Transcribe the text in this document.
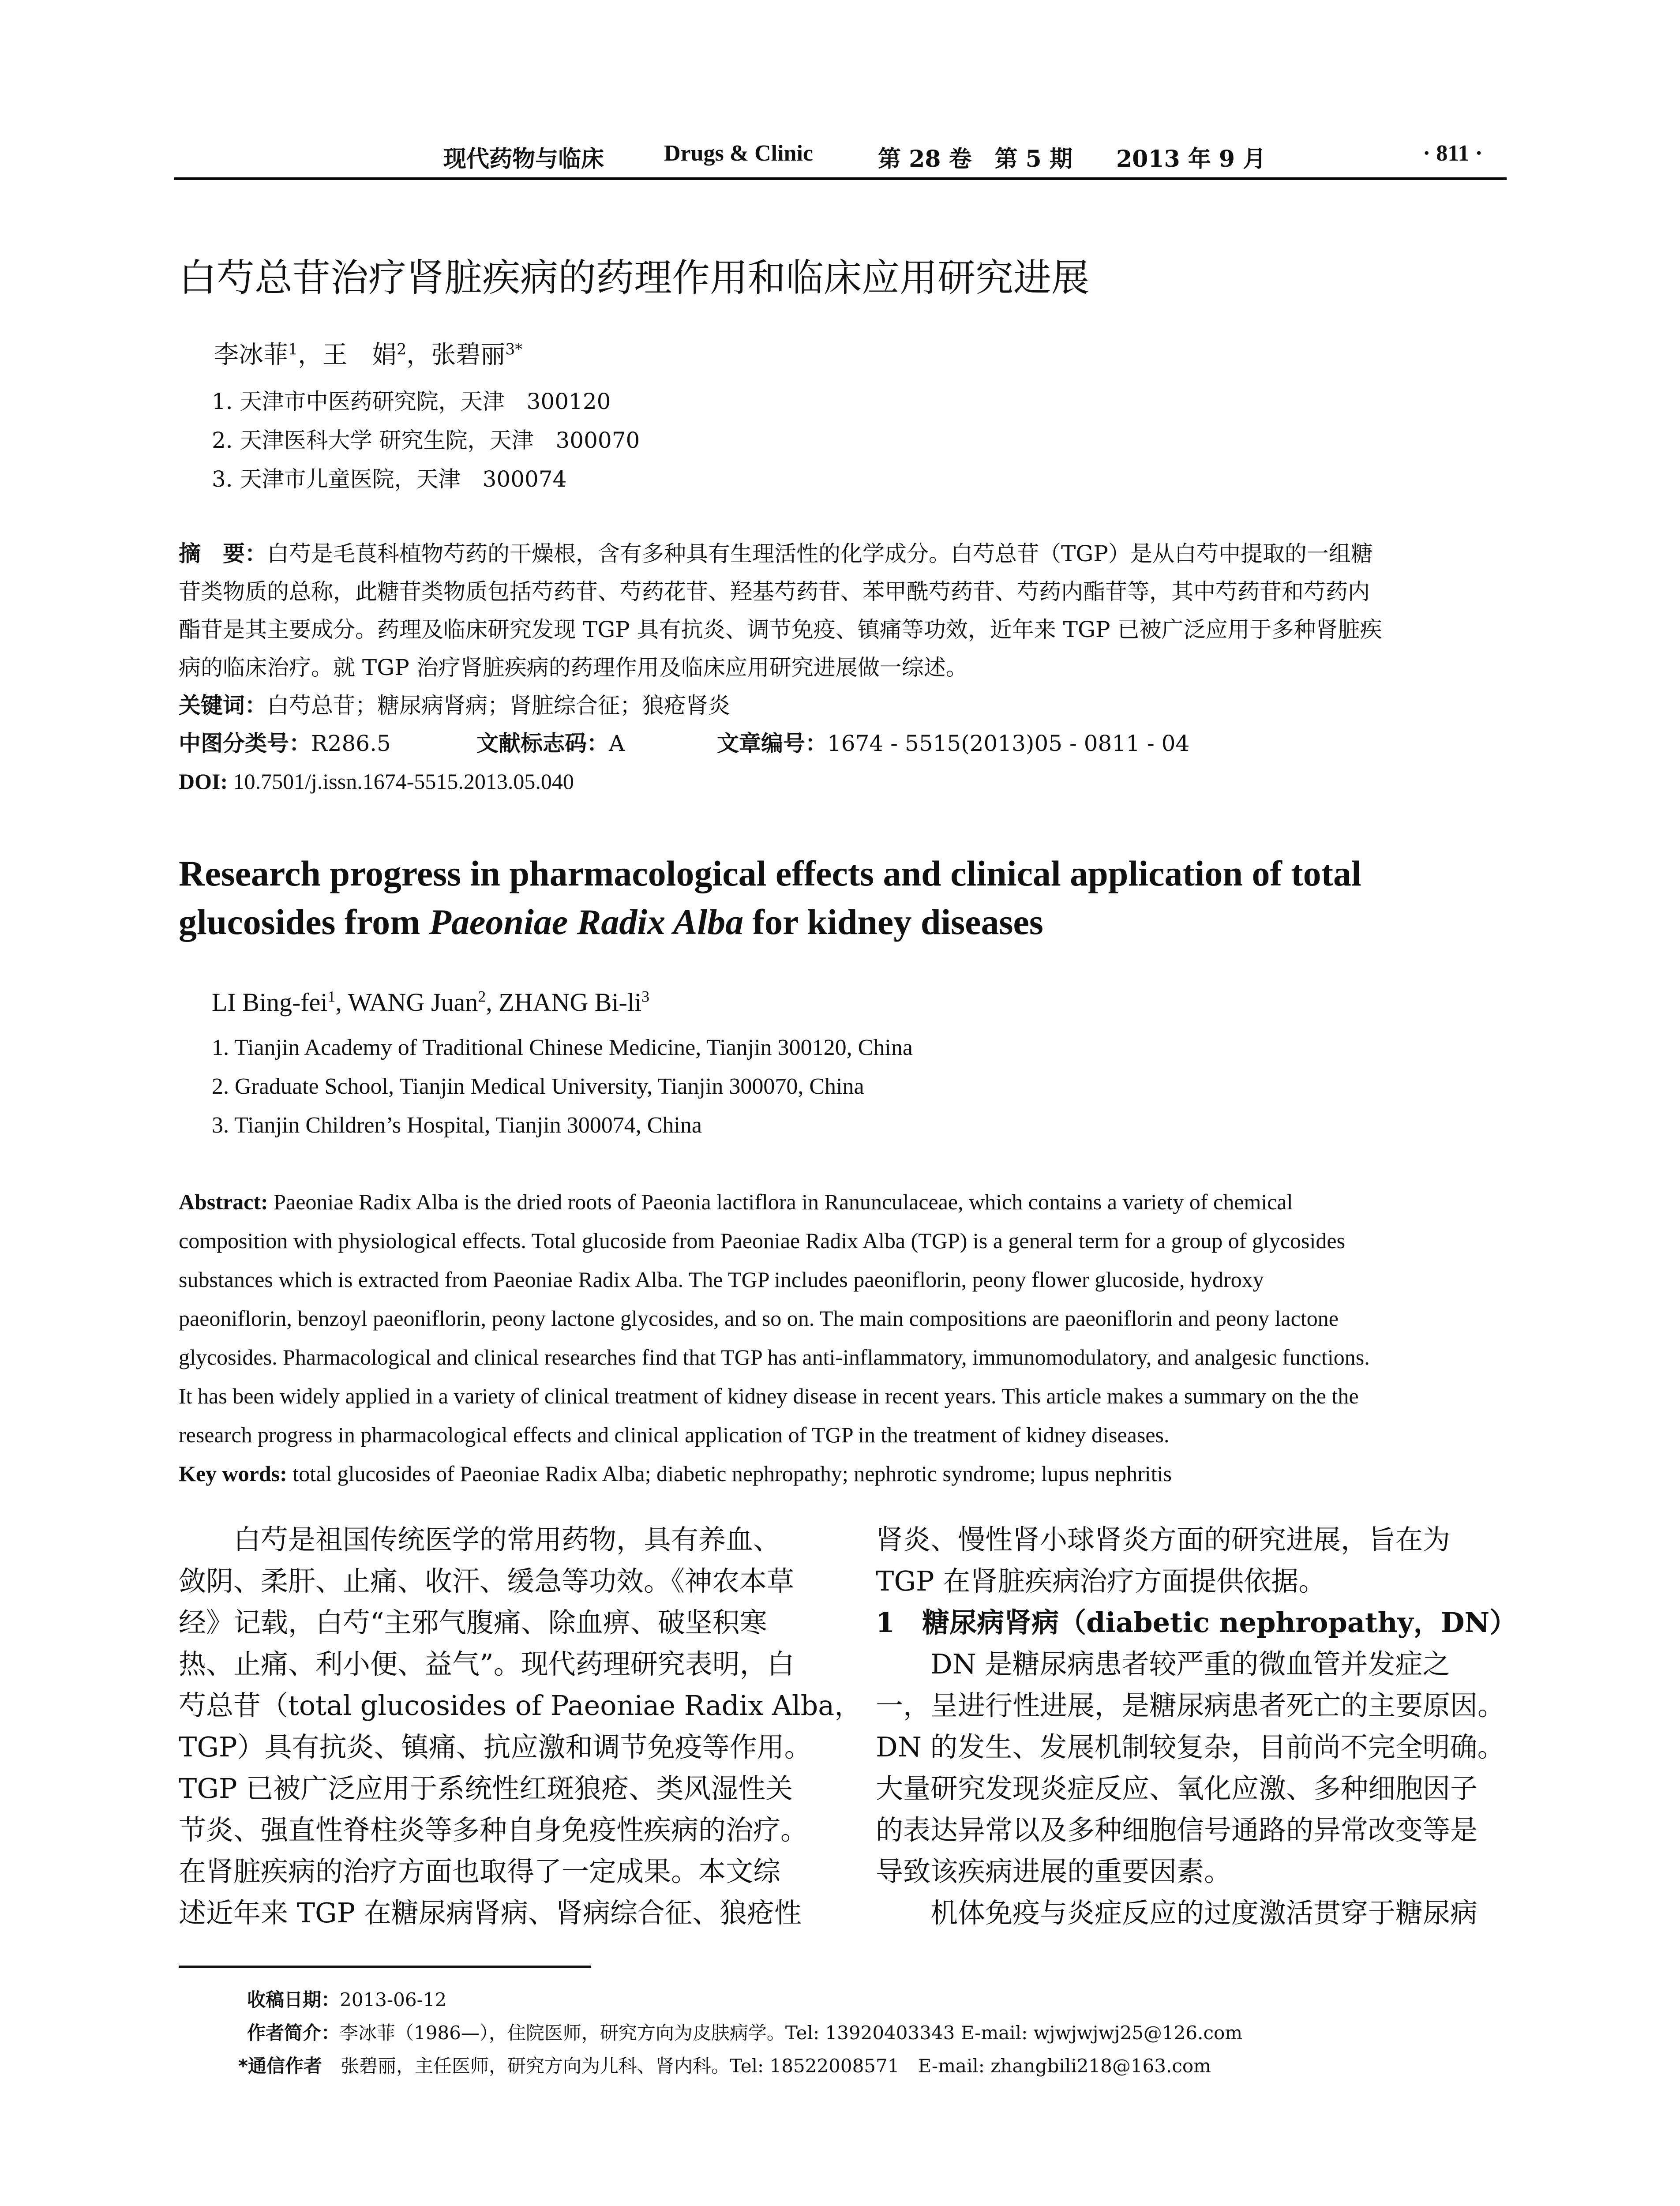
现代药物与临床	Drugs & Clinic	第 28 卷　第 5 期 2013 年 9 月	· 811 ·
白芍总苷治疗肾脏疾病的药理作用和临床应用研究进展
李冰菲$^1$，王　娟$^2$，张碧丽$^{3*}$
1. 天津市中医药研究院，天津　300120
2. 天津医科大学 研究生院，天津　300070
3. 天津市儿童医院，天津　300074
摘　要：白芍是毛茛科植物芍药的干燥根，含有多种具有生理活性的化学成分。白芍总苷（TGP）是从白芍中提取的一组糖
苷类物质的总称，此糖苷类物质包括芍药苷、芍药花苷、羟基芍药苷、苯甲酰芍药苷、芍药内酯苷等，其中芍药苷和芍药内
酯苷是其主要成分。药理及临床研究发现 TGP 具有抗炎、调节免疫、镇痛等功效，近年来 TGP 已被广泛应用于多种肾脏疾
病的临床治疗。就 TGP 治疗肾脏疾病的药理作用及临床应用研究进展做一综述。
关键词：白芍总苷；糖尿病肾病；肾脏综合征；狼疮肾炎
中图分类号：R286.5	文献标志码：A	文章编号：1674 - 5515(2013)05 - 0811 - 04
DOI: 10.7501/j.issn.1674-5515.2013.05.040
Research progress in pharmacological effects and clinical application of total
glucosides from Paeoniae Radix Alba for kidney diseases
LI Bing-fei$^1$, WANG Juan$^2$, ZHANG $Bi-li^3$
1. Tianjin Academy of Traditional Chinese Medicine, Tianjin 300120, China
2. Graduate School, Tianjin Medical University, Tianjin 300070, China
3. Tianjin Children’s Hospital, Tianjin 300074, China
Abstract: Paeoniae Radix Alba is the dried roots of Paeonia lactiflora in Ranunculaceae, which contains a variety of chemical
composition with physiological effects. Total glucoside from Paeoniae Radix Alba (TGP) is a general term for a group of glycosides
substances which is extracted from Paeoniae Radix Alba. The TGP includes paeoniflorin, peony flower glucoside, hydroxy
paeoniflorin, benzoyl paeoniflorin, peony lactone glycosides, and so on. The main compositions are paeoniflorin and peony lactone
glycosides. Pharmacological and clinical researches find that TGP has anti-inflammatory, immunomodulatory, and analgesic functions.
It has been widely applied in a variety of clinical treatment of kidney disease in recent years. This article makes a summary on the the
research progress in pharmacological effects and clinical application of TGP in the treatment of kidney diseases.
Key words: total glucosides of Paeoniae Radix Alba; diabetic nephropathy; nephrotic syndrome; lupus nephritis
　　白芍是祖国传统医学的常用药物，具有养血、
敛阴、柔肝、止痛、收汗、缓急等功效。《神农本草
经》记载，白芍“主邪气腹痛、除血痹、破坚积寒
热、止痛、利小便、益气”。现代药理研究表明，白
芍总苷（total glucosides of Paeoniae Radix Alba，
TGP）具有抗炎、镇痛、抗应激和调节免疫等作用。
TGP 已被广泛应用于系统性红斑狼疮、类风湿性关
节炎、强直性脊柱炎等多种自身免疫性疾病的治疗。
在肾脏疾病的治疗方面也取得了一定成果。本文综
述近年来 TGP 在糖尿病肾病、肾病综合征、狼疮性
肾炎、慢性肾小球肾炎方面的研究进展，旨在为
TGP 在肾脏疾病治疗方面提供依据。
1　糖尿病肾病（diabetic nephropathy，DN）
　　DN 是糖尿病患者较严重的微血管并发症之
一，呈进行性进展，是糖尿病患者死亡的主要原因。
DN 的发生、发展机制较复杂，目前尚不完全明确。
大量研究发现炎症反应、氧化应激、多种细胞因子
的表达异常以及多种细胞信号通路的异常改变等是
导致该疾病进展的重要因素。
　　机体免疫与炎症反应的过度激活贯穿于糖尿病
收稿日期：2013-06-12
作者简介：李冰菲（1986—），住院医师，研究方向为皮肤病学。Tel: 13920403343 E-mail: wjwjwjwj25@126.com
*通信作者　张碧丽，主任医师，研究方向为儿科、肾内科。Tel: 18522008571　E-mail: zhangbili218@163.com
